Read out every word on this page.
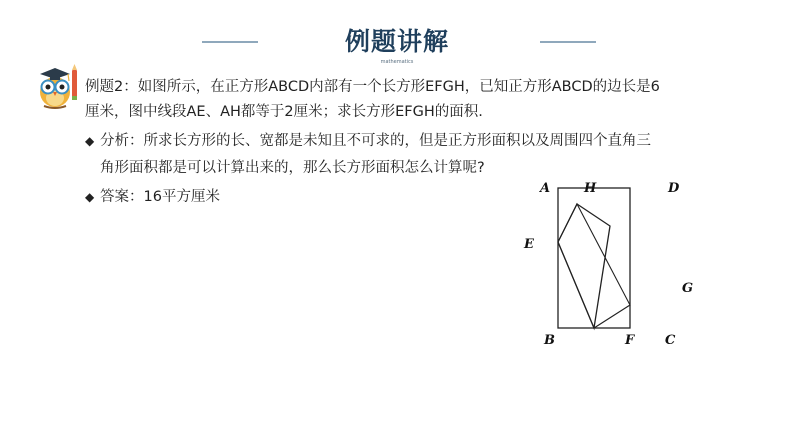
例题讲解
mathematics
例题2：如图所示，在正方形ABCD内部有一个长方形EFGH，已知正方形ABCD的边长是6
厘米，图中线段AE、AH都等于2厘米；求长方形EFGH的面积.
◆ 分析：所求长方形的长、宽都是未知且不可求的，但是正方形面积以及周围四个直角三
角形面积都是可以计算出来的，那么长方形面积怎么计算呢?
◆ 答案：16平方厘米
A	H	D
E
G
B	F C
